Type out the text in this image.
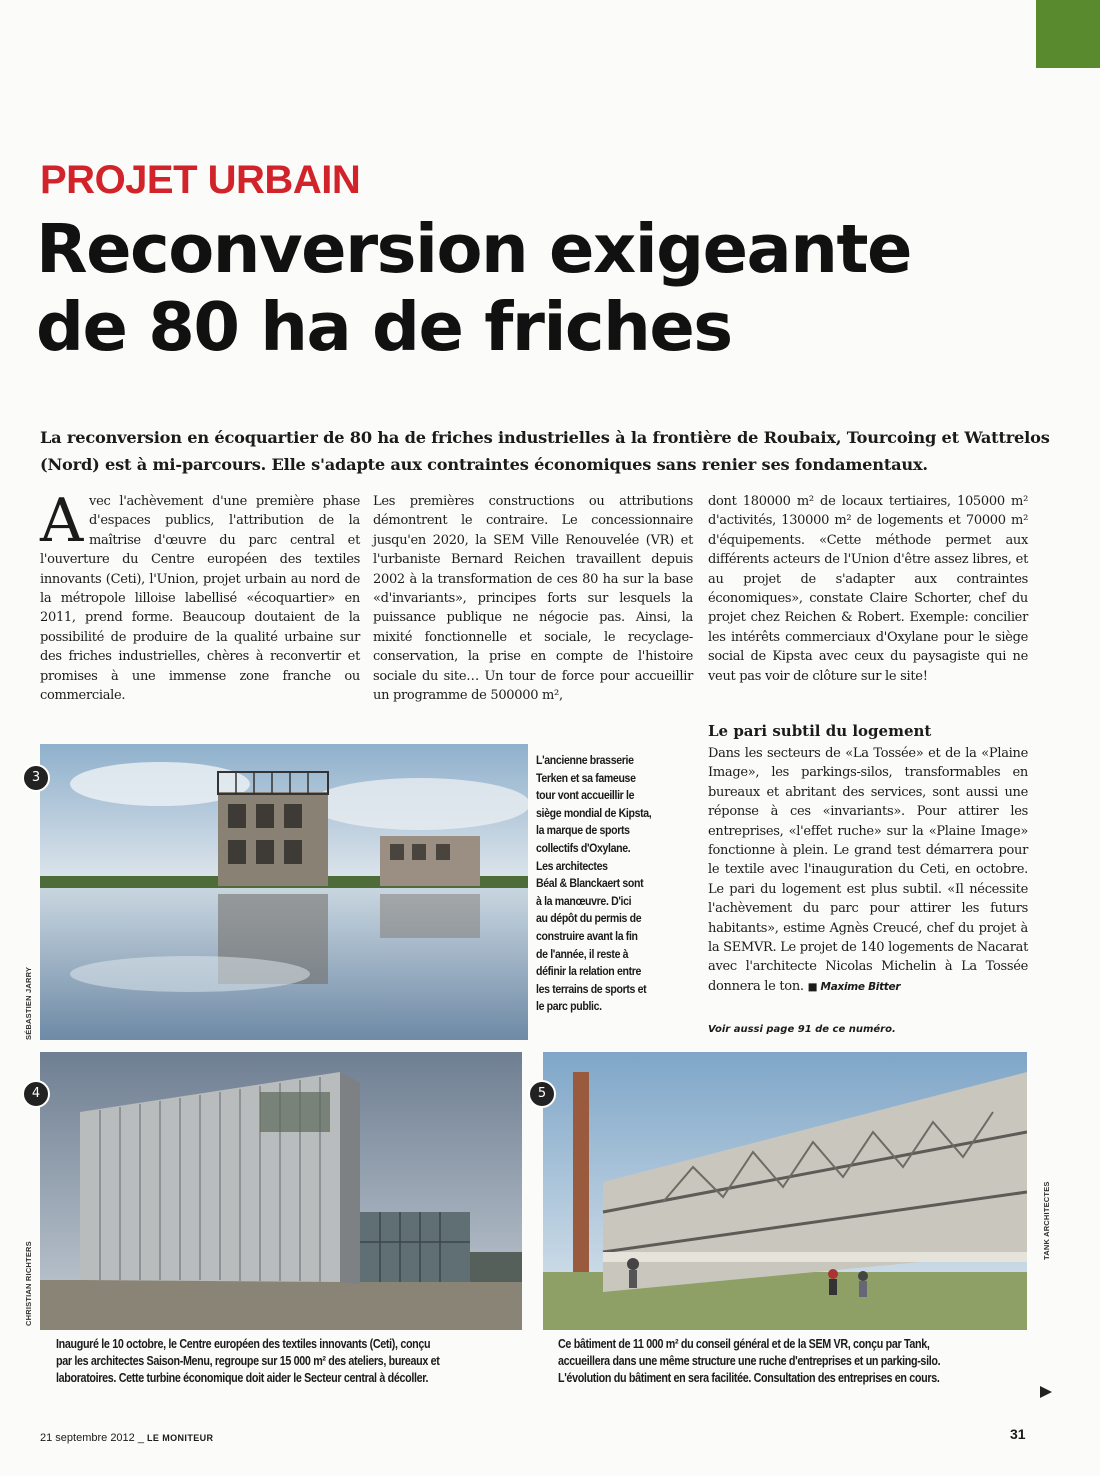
PROJET URBAIN
Reconversion exigeante
de 80 ha de friches
La reconversion en écoquartier de 80 ha de friches industrielles à la frontière de Roubaix, Tourcoing et Wattrelos (Nord) est à mi-parcours. Elle s'adapte aux contraintes économiques sans renier ses fondamentaux.
Avec l'achèvement d'une première phase d'espaces publics, l'attribution de la maîtrise d'œuvre du parc central et l'ouverture du Centre européen des textiles innovants (Ceti), l'Union, projet urbain au nord de la métropole lilloise labellisé «écoquartier» en 2011, prend forme. Beaucoup doutaient de la possibilité de produire de la qualité urbaine sur des friches industrielles, chères à reconvertir et promises à une immense zone franche ou commerciale.
Les premières constructions ou attributions démontrent le contraire. Le concessionnaire jusqu'en 2020, la SEM Ville Renouvelée (VR) et l'urbaniste Bernard Reichen travaillent depuis 2002 à la transformation de ces 80 ha sur la base «d'invariants», principes forts sur lesquels la puissance publique ne négocie pas. Ainsi, la mixité fonctionnelle et sociale, le recyclage-conservation, la prise en compte de l'histoire sociale du site… Un tour de force pour accueillir un programme de 500000 m²,
dont 180000 m² de locaux tertiaires, 105000 m² d'activités, 130000 m² de logements et 70000 m² d'équipements. «Cette méthode permet aux différents acteurs de l'Union d'être assez libres, et au projet de s'adapter aux contraintes économiques», constate Claire Schorter, chef du projet chez Reichen & Robert. Exemple: concilier les intérêts commerciaux d'Oxylane pour le siège social de Kipsta avec ceux du paysagiste qui ne veut pas voir de clôture sur le site!
Le pari subtil du logement
Dans les secteurs de «La Tossée» et de la «Plaine Image», les parkings-silos, transformables en bureaux et abritant des services, sont aussi une réponse à ces «invariants». Pour attirer les entreprises, «l'effet ruche» sur la «Plaine Image» fonctionne à plein. Le grand test démarrera pour le textile avec l'inauguration du Ceti, en octobre. Le pari du logement est plus subtil. «Il nécessite l'achèvement du parc pour attirer les futurs habitants», estime Agnès Creucé, chef du projet à la SEMVR. Le projet de 140 logements de Nacarat avec l'architecte Nicolas Michelin à La Tossée donnera le ton. ■ Maxime Bitter
Voir aussi page 91 de ce numéro.
3
SÉBASTIEN JARRY
L'ancienne brasserie
Terken et sa fameuse
tour vont accueillir le
siège mondial de Kipsta,
la marque de sports
collectifs d'Oxylane.
Les architectes
Béal & Blanckaert sont
à la manœuvre. D'ici
au dépôt du permis de
construire avant la fin
de l'année, il reste à
définir la relation entre
les terrains de sports et
le parc public.
4
CHRISTIAN RICHTERS
5
TANK ARCHITECTES
Inauguré le 10 octobre, le Centre européen des textiles innovants (Ceti), conçu
par les architectes Saison-Menu, regroupe sur 15 000 m² des ateliers, bureaux et
laboratoires. Cette turbine économique doit aider le Secteur central à décoller.
Ce bâtiment de 11 000 m² du conseil général et de la SEM VR, conçu par Tank,
accueillera dans une même structure une ruche d'entreprises et un parking-silo.
L'évolution du bâtiment en sera facilitée. Consultation des entreprises en cours.
21 septembre 2012 _ LE MONITEUR	31
